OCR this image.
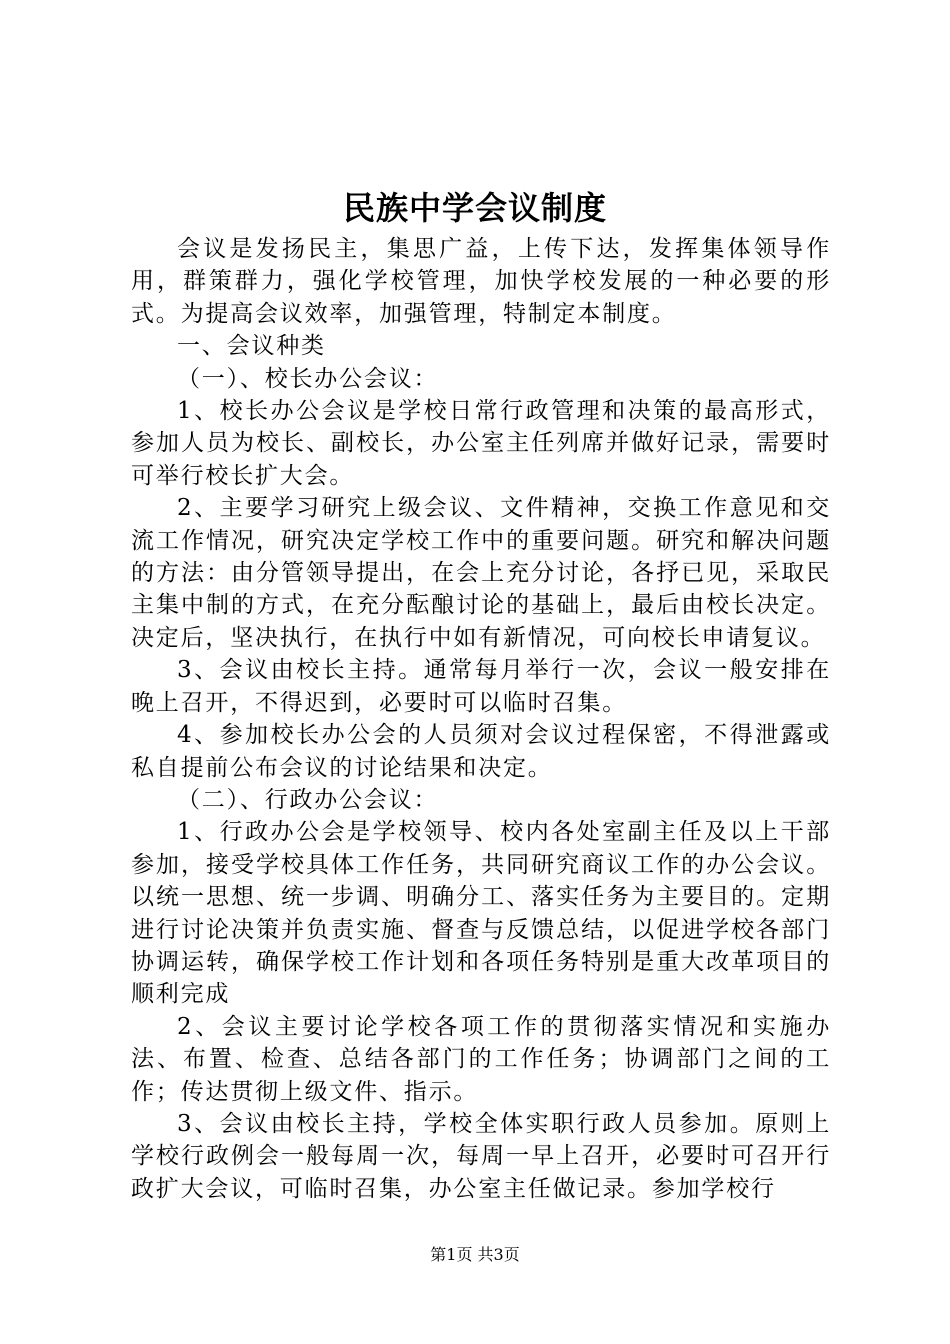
民族中学会议制度

会议是发扬民主，集思广益，上传下达，发挥集体领导作用，群策群力，强化学校管理，加快学校发展的一种必要的形式。为提高会议效率，加强管理，特制定本制度。

一、会议种类

（一）、校长办公会议：

1、校长办公会议是学校日常行政管理和决策的最高形式，参加人员为校长、副校长，办公室主任列席并做好记录，需要时可举行校长扩大会。

2、主要学习研究上级会议、文件精神，交换工作意见和交流工作情况，研究决定学校工作中的重要问题。研究和解决问题的方法：由分管领导提出，在会上充分讨论，各抒已见，采取民主集中制的方式，在充分酝酿讨论的基础上，最后由校长决定。决定后，坚决执行，在执行中如有新情况，可向校长申请复议。

3、会议由校长主持。通常每月举行一次，会议一般安排在晚上召开，不得迟到，必要时可以临时召集。

4、参加校长办公会的人员须对会议过程保密，不得泄露或私自提前公布会议的讨论结果和决定。

（二）、行政办公会议：

1、行政办公会是学校领导、校内各处室副主任及以上干部参加，接受学校具体工作任务，共同研究商议工作的办公会议。以统一思想、统一步调、明确分工、落实任务为主要目的。定期进行讨论决策并负责实施、督查与反馈总结，以促进学校各部门协调运转，确保学校工作计划和各项任务特别是重大改革项目的顺利完成

2、会议主要讨论学校各项工作的贯彻落实情况和实施办法、布置、检查、总结各部门的工作任务；协调部门之间的工作；传达贯彻上级文件、指示。

3、会议由校长主持，学校全体实职行政人员参加。原则上学校行政例会一般每周一次，每周一早上召开，必要时可召开行政扩大会议，可临时召集，办公室主任做记录。参加学校行

第1页 共3页
